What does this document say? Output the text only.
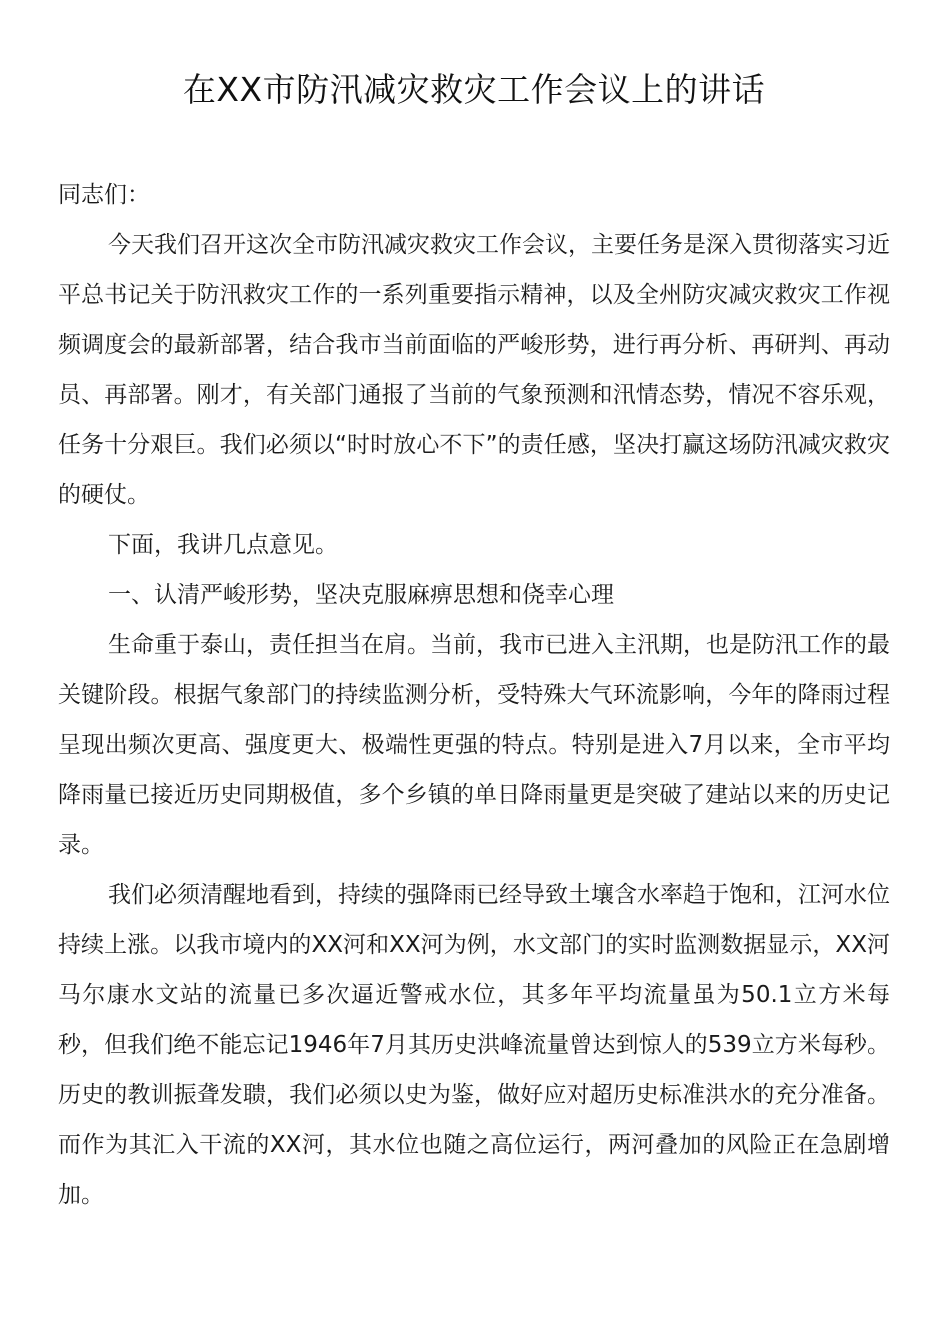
在XX市防汛减灾救灾工作会议上的讲话

同志们：

今天我们召开这次全市防汛减灾救灾工作会议，主要任务是深入贯彻落实习近平总书记关于防汛救灾工作的一系列重要指示精神，以及全州防灾减灾救灾工作视频调度会的最新部署，结合我市当前面临的严峻形势，进行再分析、再研判、再动员、再部署。刚才，有关部门通报了当前的气象预测和汛情态势，情况不容乐观，任务十分艰巨。我们必须以“时时放心不下”的责任感，坚决打赢这场防汛减灾救灾的硬仗。

下面，我讲几点意见。

一、认清严峻形势，坚决克服麻痹思想和侥幸心理

生命重于泰山，责任担当在肩。当前，我市已进入主汛期，也是防汛工作的最关键阶段。根据气象部门的持续监测分析，受特殊大气环流影响，今年的降雨过程呈现出频次更高、强度更大、极端性更强的特点。特别是进入7月以来，全市平均降雨量已接近历史同期极值，多个乡镇的单日降雨量更是突破了建站以来的历史记录。

我们必须清醒地看到，持续的强降雨已经导致土壤含水率趋于饱和，江河水位持续上涨。以我市境内的XX河和XX河为例，水文部门的实时监测数据显示，XX河马尔康水文站的流量已多次逼近警戒水位，其多年平均流量虽为50.1立方米每秒，但我们绝不能忘记1946年7月其历史洪峰流量曾达到惊人的539立方米每秒。历史的教训振聋发聩，我们必须以史为鉴，做好应对超历史标准洪水的充分准备。而作为其汇入干流的XX河，其水位也随之高位运行，两河叠加的风险正在急剧增加。
